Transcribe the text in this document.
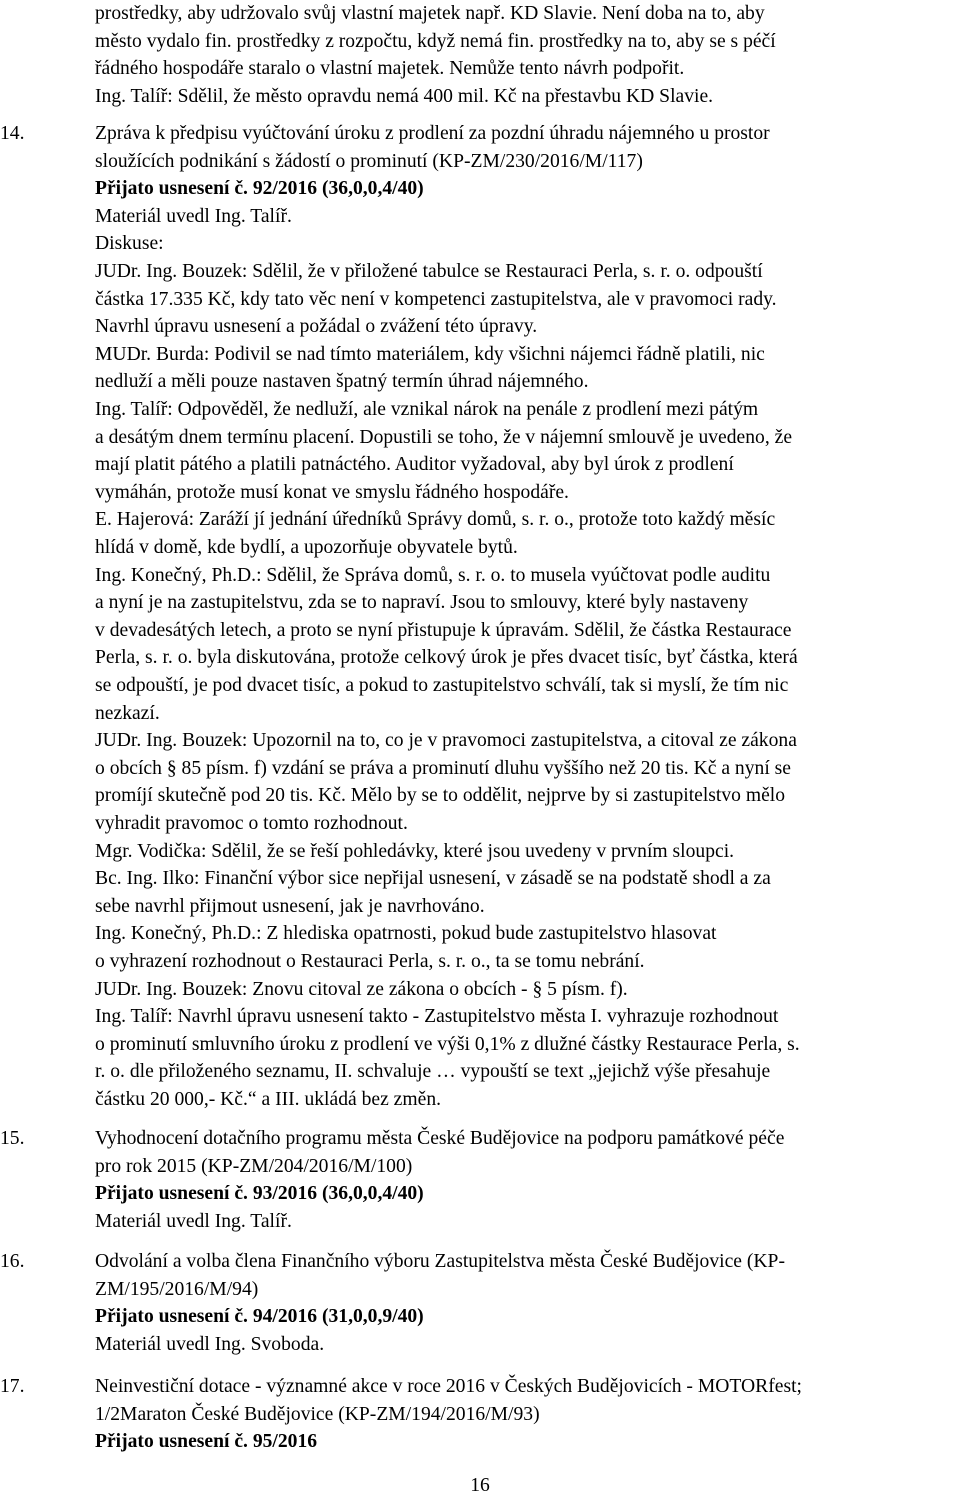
prostředky, aby udržovalo svůj vlastní majetek např. KD Slavie. Není doba na to, aby
město vydalo fin. prostředky z rozpočtu, když nemá fin. prostředky na to, aby se s péčí
řádného hospodáře staralo o vlastní majetek. Nemůže tento návrh podpořit.
Ing. Talíř: Sdělil, že město opravdu nemá 400 mil. Kč na přestavbu KD Slavie.
14.	Zpráva k předpisu vyúčtování úroku z prodlení za pozdní úhradu nájemného u prostor
sloužících podnikání s žádostí o prominutí (KP-ZM/230/2016/M/117)
Přijato usnesení č. 92/2016 (36,0,0,4/40)
Materiál uvedl Ing. Talíř.
Diskuse:
JUDr. Ing. Bouzek: Sdělil, že v přiložené tabulce se Restauraci Perla, s. r. o. odpouští
částka 17.335 Kč, kdy tato věc není v kompetenci zastupitelstva, ale v pravomoci rady.
Navrhl úpravu usnesení a požádal o zvážení této úpravy.
MUDr. Burda: Podivil se nad tímto materiálem, kdy všichni nájemci řádně platili, nic
nedluží a měli pouze nastaven špatný termín úhrad nájemného.
Ing. Talíř: Odpověděl, že nedluží, ale vznikal nárok na penále z prodlení mezi pátým
a desátým dnem termínu placení. Dopustili se toho, že v nájemní smlouvě je uvedeno, že
mají platit pátého a platili patnáctého. Auditor vyžadoval, aby byl úrok z prodlení
vymáhán, protože musí konat ve smyslu řádného hospodáře.
E. Hajerová: Zaráží jí jednání úředníků Správy domů, s. r. o., protože toto každý měsíc
hlídá v domě, kde bydlí, a upozorňuje obyvatele bytů.
Ing. Konečný, Ph.D.: Sdělil, že Správa domů, s. r. o. to musela vyúčtovat podle auditu
a nyní je na zastupitelstvu, zda se to napraví. Jsou to smlouvy, které byly nastaveny
v devadesátých letech, a proto se nyní přistupuje k úpravám. Sdělil, že částka Restaurace
Perla, s. r. o. byla diskutována, protože celkový úrok je přes dvacet tisíc, byť částka, která
se odpouští, je pod dvacet tisíc, a pokud to zastupitelstvo schválí, tak si myslí, že tím nic
nezkazí.
JUDr. Ing. Bouzek: Upozornil na to, co je v pravomoci zastupitelstva, a citoval ze zákona
o obcích § 85 písm. f) vzdání se práva a prominutí dluhu vyššího než 20 tis. Kč a nyní se
promíjí skutečně pod 20 tis. Kč. Mělo by se to oddělit, nejprve by si zastupitelstvo mělo
vyhradit pravomoc o tomto rozhodnout.
Mgr. Vodička: Sdělil, že se řeší pohledávky, které jsou uvedeny v prvním sloupci.
Bc. Ing. Ilko: Finanční výbor sice nepřijal usnesení, v zásadě se na podstatě shodl a za
sebe navrhl přijmout usnesení, jak je navrhováno.
Ing. Konečný, Ph.D.: Z hlediska opatrnosti, pokud bude zastupitelstvo hlasovat
o vyhrazení rozhodnout o Restauraci Perla, s. r. o., ta se tomu nebrání.
JUDr. Ing. Bouzek: Znovu citoval ze zákona o obcích - § 5 písm. f).
Ing. Talíř: Navrhl úpravu usnesení takto - Zastupitelstvo města I. vyhrazuje rozhodnout
o prominutí smluvního úroku z prodlení ve výši 0,1% z dlužné částky Restaurace Perla, s.
r. o. dle přiloženého seznamu, II. schvaluje … vypouští se text „jejichž výše přesahuje
částku 20 000,- Kč.“ a III. ukládá bez změn.
15.	Vyhodnocení dotačního programu města České Budějovice na podporu památkové péče
pro rok 2015 (KP-ZM/204/2016/M/100)
Přijato usnesení č. 93/2016 (36,0,0,4/40)
Materiál uvedl Ing. Talíř.
16.	Odvolání a volba člena Finančního výboru Zastupitelstva města České Budějovice (KP-
ZM/195/2016/M/94)
Přijato usnesení č. 94/2016 (31,0,0,9/40)
Materiál uvedl Ing. Svoboda.
17.	Neinvestiční dotace - významné akce v roce 2016 v Českých Budějovicích - MOTORfest;
1/2Maraton České Budějovice (KP-ZM/194/2016/M/93)
Přijato usnesení č. 95/2016
16
